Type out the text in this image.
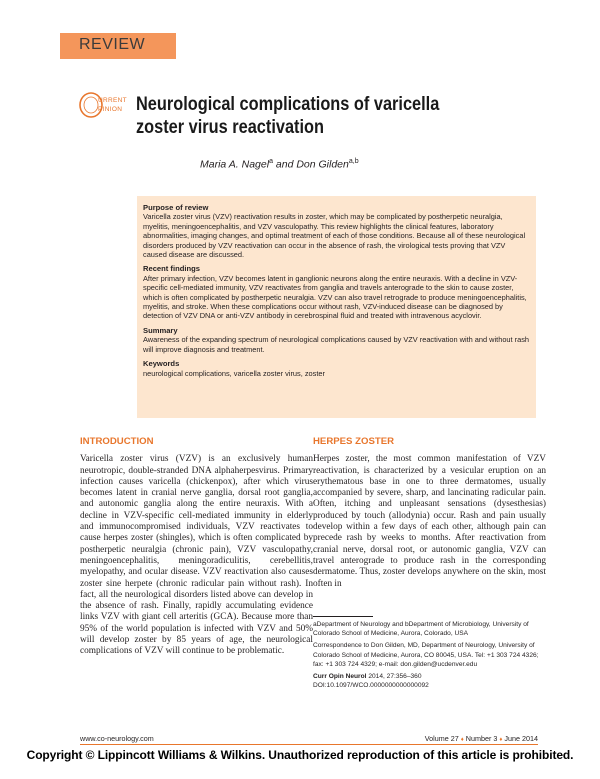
REVIEW
URRENT
PINION Neurological complications of varicella zoster virus reactivation
Maria A. Nagel$^a$ and Don Gilden$^{a,b}$
Purpose of review

Varicella zoster virus (VZV) reactivation results in zoster, which may be complicated by postherpetic neuralgia, myelitis, meningoencephalitis, and VZV vasculopathy. This review highlights the clinical features, laboratory abnormalities, imaging changes, and optimal treatment of each of those conditions. Because all of these neurological disorders produced by VZV reactivation can occur in the absence of rash, the virological tests proving that VZV caused disease are discussed.

Recent findings

After primary infection, VZV becomes latent in ganglionic neurons along the entire neuraxis. With a decline in VZV-specific cell-mediated immunity, VZV reactivates from ganglia and travels anterograde to the skin to cause zoster, which is often complicated by postherpetic neuralgia. VZV can also travel retrograde to produce meningoencephalitis, myelitis, and stroke. When these complications occur without rash, VZV-induced disease can be diagnosed by detection of VZV DNA or anti-VZV antibody in cerebrospinal fluid and treated with intravenous acyclovir.

Summary

Awareness of the expanding spectrum of neurological complications caused by VZV reactivation with and without rash will improve diagnosis and treatment.

Keywords

neurological complications, varicella zoster virus, zoster

INTRODUCTION

Varicella zoster virus (VZV) is an exclusively human neurotropic, double-stranded DNA alphaherpesvirus. Primary infection causes varicella (chickenpox), after which virus becomes latent in cranial nerve ganglia, dorsal root ganglia, and autonomic ganglia along the entire neuraxis. With a decline in VZV-specific cell-mediated immunity in elderly and immunocompromised individuals, VZV reactivates to cause herpes zoster (shingles), which is often complicated by postherpetic neuralgia (chronic pain), VZV vasculopathy, meningoencephalitis, meningoradiculitis, cerebellitis, myelopathy, and ocular disease. VZV reactivation also causes zoster sine herpete (chronic radicular pain without rash). In fact, all the neurological disorders listed above can develop in the absence of rash. Finally, rapidly accumulating evidence links VZV with giant cell arteritis (GCA). Because more than 95% of the world population is infected with VZV and 50% will develop zoster by 85 years of age, the neurological complications of VZV will continue to be problematic.

HERPES ZOSTER

Herpes zoster, the most common manifestation of VZV reactivation, is characterized by a vesicular eruption on an erythematous base in one to three dermatomes, usually accompanied by severe, sharp, and lancinating radicular pain. Often, itching and unpleasant sensations (dysesthesias) produced by touch (allodynia) occur. Rash and pain usually develop within a few days of each other, although pain can precede rash by weeks to months. After reactivation from cranial nerve, dorsal root, or autonomic ganglia, VZV can travel anterograde to produce rash in the corresponding dermatome. Thus, zoster develops anywhere on the skin, most often in

aDepartment of Neurology and bDepartment of Microbiology, University of Colorado School of Medicine, Aurora, Colorado, USA

Correspondence to Don Gilden, MD, Department of Neurology, University of Colorado School of Medicine, Aurora, CO 80045, USA. Tel: +1 303 724 4326; fax: +1 303 724 4329; e-mail: don.gilden@ucdenver.edu

Curr Opin Neurol 2014, 27:356–360
DOI:10.1097/WCO.0000000000000092

www.co-neurology.com	Volume 27 ♦ Number 3 ♦ June 2014
Copyright © Lippincott Williams & Wilkins. Unauthorized reproduction of this article is prohibited.
